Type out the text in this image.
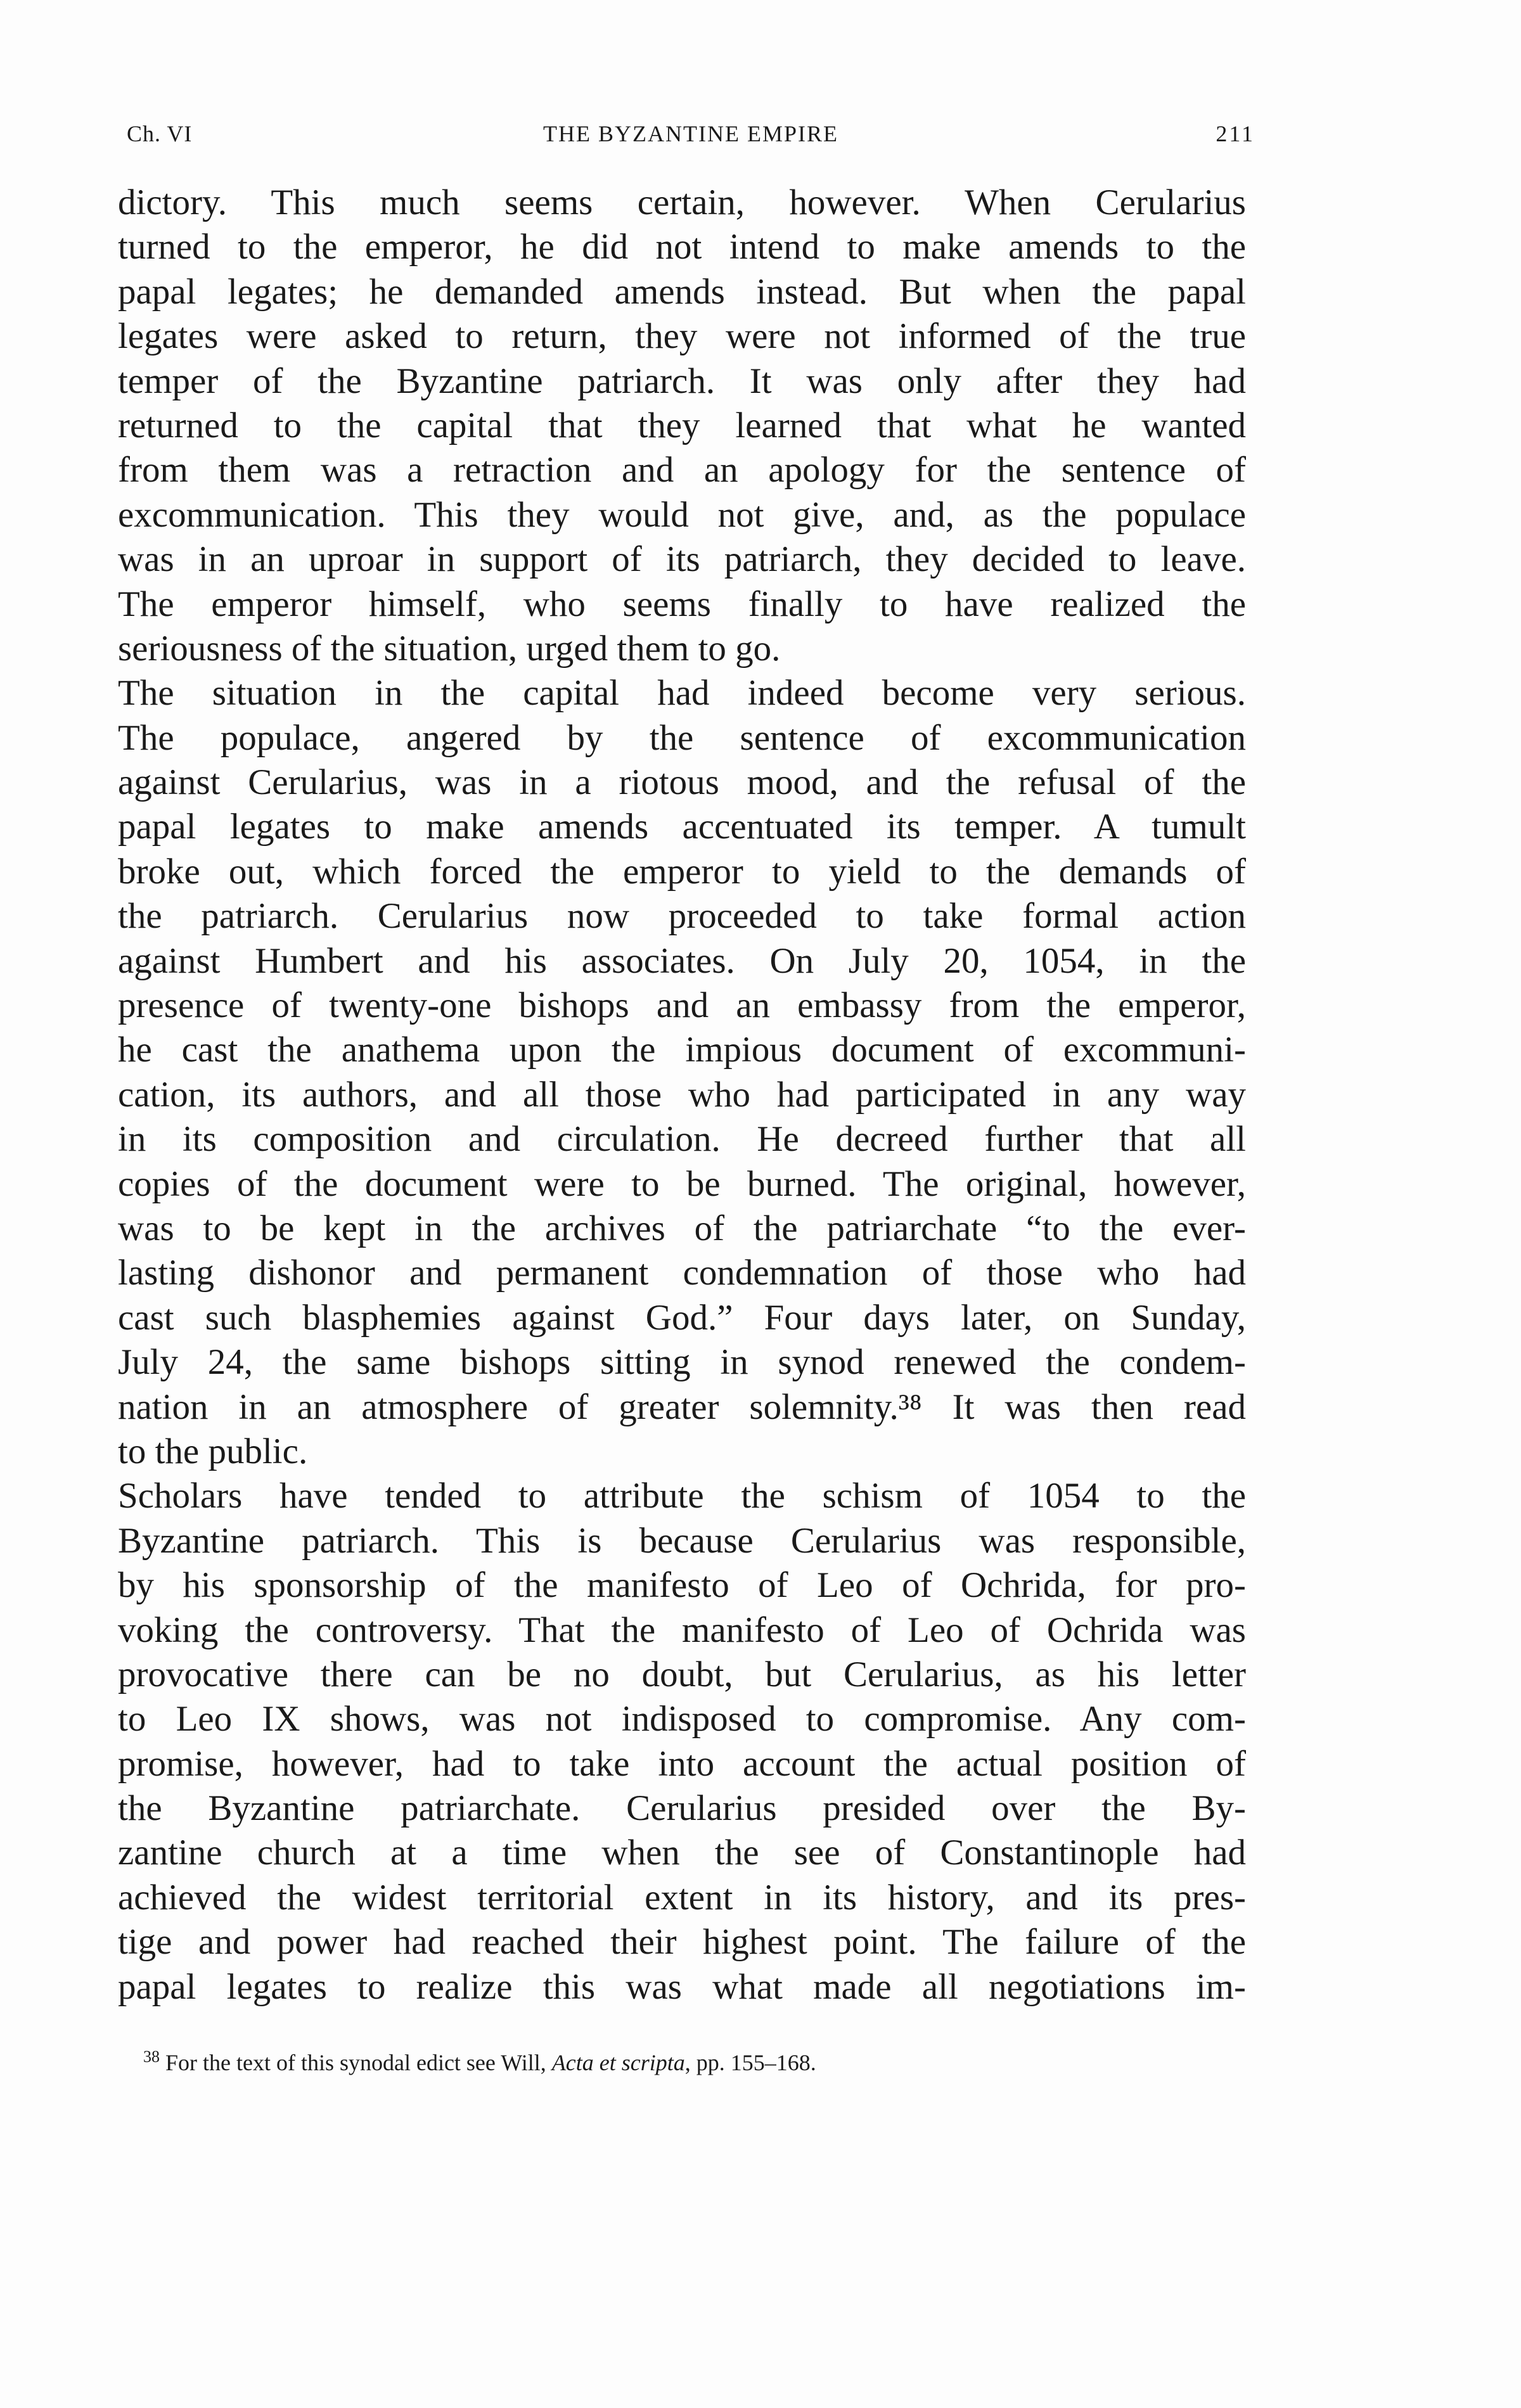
Ch. VI	THE BYZANTINE EMPIRE	211
dictory. This much seems certain, however. When Cerularius
turned to the emperor, he did not intend to make amends to the
papal legates; he demanded amends instead. But when the papal
legates were asked to return, they were not informed of the true
temper of the Byzantine patriarch. It was only after they had
returned to the capital that they learned that what he wanted
from them was a retraction and an apology for the sentence of
excommunication. This they would not give, and, as the populace
was in an uproar in support of its patriarch, they decided to leave.
The emperor himself, who seems finally to have realized the
seriousness of the situation, urged them to go.
The situation in the capital had indeed become very serious.
The populace, angered by the sentence of excommunication
against Cerularius, was in a riotous mood, and the refusal of the
papal legates to make amends accentuated its temper. A tumult
broke out, which forced the emperor to yield to the demands of
the patriarch. Cerularius now proceeded to take formal action
against Humbert and his associates. On July 20, 1054, in the
presence of twenty-one bishops and an embassy from the emperor,
he cast the anathema upon the impious document of excommuni-
cation, its authors, and all those who had participated in any way
in its composition and circulation. He decreed further that all
copies of the document were to be burned. The original, however,
was to be kept in the archives of the patriarchate “to the ever-
lasting dishonor and permanent condemnation of those who had
cast such blasphemies against God.” Four days later, on Sunday,
July 24, the same bishops sitting in synod renewed the condem-
nation in an atmosphere of greater solemnity.³⁸ It was then read
to the public.
Scholars have tended to attribute the schism of 1054 to the
Byzantine patriarch. This is because Cerularius was responsible,
by his sponsorship of the manifesto of Leo of Ochrida, for pro-
voking the controversy. That the manifesto of Leo of Ochrida was
provocative there can be no doubt, but Cerularius, as his letter
to Leo IX shows, was not indisposed to compromise. Any com-
promise, however, had to take into account the actual position of
the Byzantine patriarchate. Cerularius presided over the By-
zantine church at a time when the see of Constantinople had
achieved the widest territorial extent in its history, and its pres-
tige and power had reached their highest point. The failure of the
papal legates to realize this was what made all negotiations im-
$^{38}$ For the text of this synodal edict see Will, Acta et scripta, pp. 155–168.
